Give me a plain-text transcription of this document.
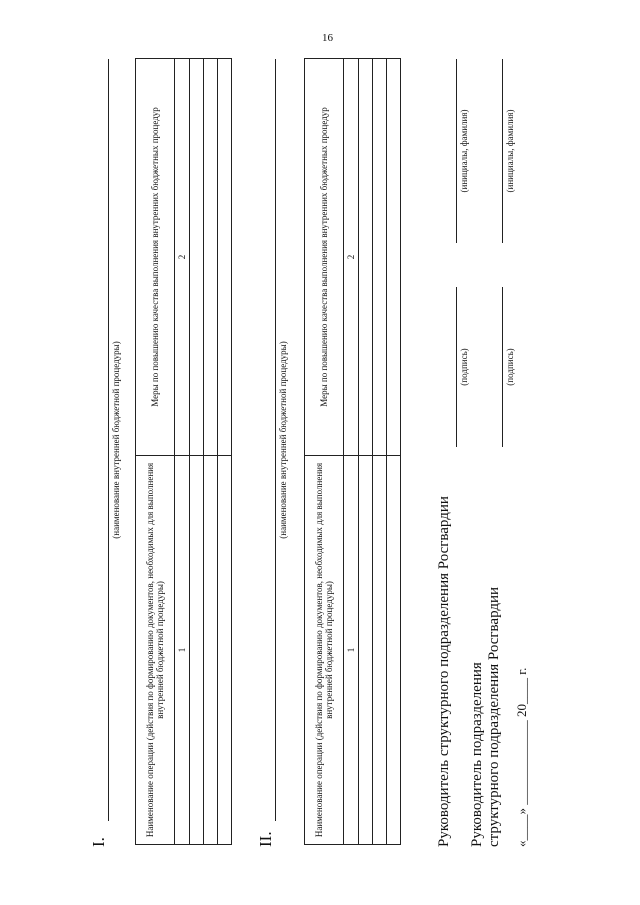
16
I.
(наименование внутренней бюджетной процедуры)
Наименование операции (действия по формированию документов, необходимых для выполнения внутренней бюджетной процедуры)	Меры по повышению качества выполнения внутренних бюджетных процедур
1	2

II.
(наименование внутренней бюджетной процедуры)
Наименование операции (действия по формированию документов, необходимых для выполнения внутренней бюджетной процедуры)	Меры по повышению качества выполнения внутренних бюджетных процедур
1	2

Руководитель структурного подразделения Росгвардии
(подпись)
(инициалы, фамилия)
Руководитель подразделения структурного подразделения Росгвардии
(подпись)
(инициалы, фамилия)
«____» _____________ 20____ г.
